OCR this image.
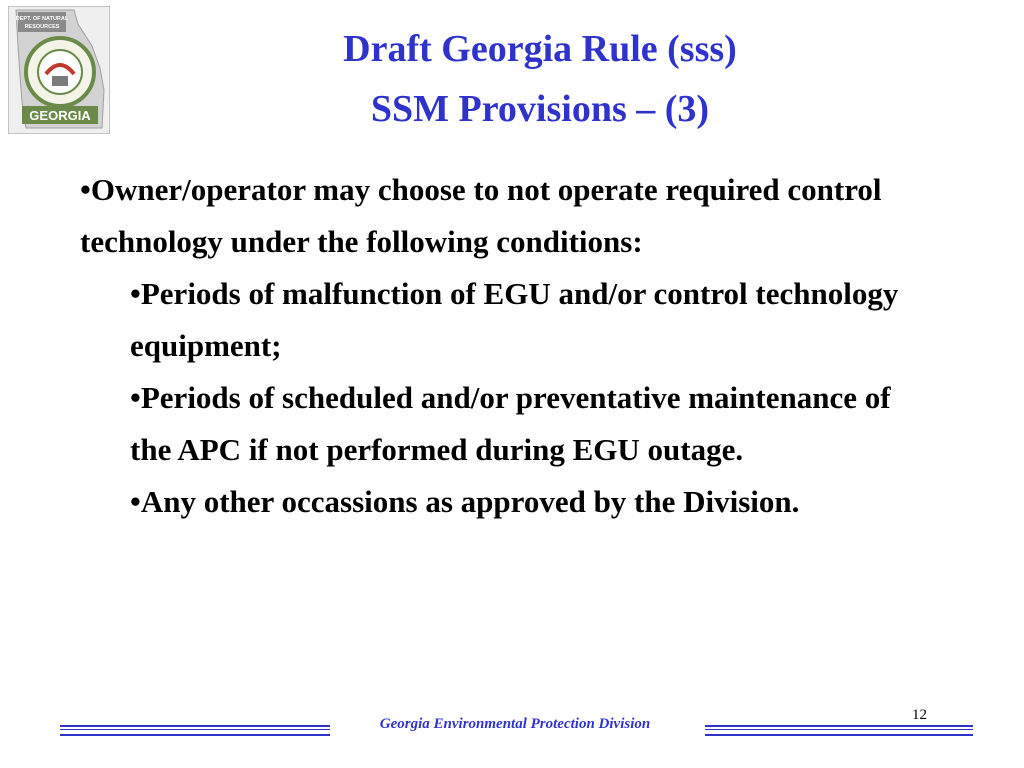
DEPT. OF NATURAL
RESOURCES
GEORGIA
Draft Georgia Rule (sss)
SSM Provisions – (3)
•Owner/operator may choose to not operate required control technology under the following conditions:
•Periods of malfunction of EGU and/or control technology equipment;
•Periods of scheduled and/or preventative maintenance of the APC if not performed during EGU outage.
•Any other occassions as approved by the Division.
Georgia Environmental Protection Division
12
